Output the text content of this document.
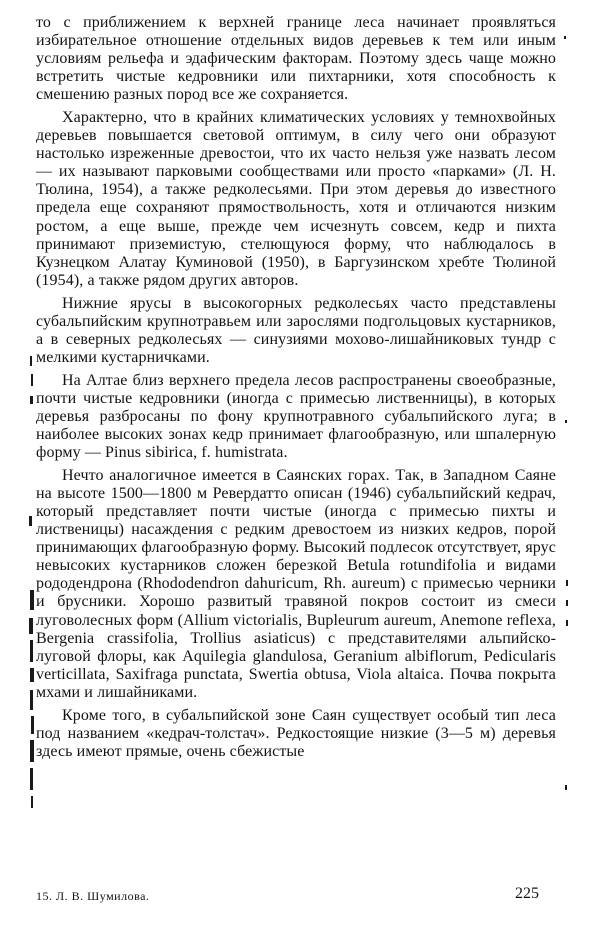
то с приближением к верхней границе леса начинает проявляться избирательное отношение отдельных видов деревьев к тем или иным условиям рельефа и эдафическим факторам. Поэтому здесь чаще можно встретить чистые кедровники или пихтарники, хотя способность к смешению разных пород все же сохраняется.

Характерно, что в крайних климатических условиях у темнохвойных деревьев повышается световой оптимум, в силу чего они образуют настолько изреженные древостои, что их часто нельзя уже назвать лесом — их называют парковыми сообществами или просто «парками» (Л. Н. Тюлина, 1954), а также редколесьями. При этом деревья до известного предела еще сохраняют прямоствольность, хотя и отличаются низким ростом, а еще выше, прежде чем исчезнуть совсем, кедр и пихта принимают приземистую, стелющуюся форму, что наблюдалось в Кузнецком Алатау Куминовой (1950), в Баргузинском хребте Тюлиной (1954), а также рядом других авторов.

Нижние ярусы в высокогорных редколесьях часто представлены субальпийским крупнотравьем или зарослями подгольцовых кустарников, а в северных редколесьях — синузиями мохово-лишайниковых тундр с мелкими кустарничками.

На Алтае близ верхнего предела лесов распространены своеобразные, почти чистые кедровники (иногда с примесью лиственницы), в которых деревья разбросаны по фону крупнотравного субальпийского луга; в наиболее высоких зонах кедр принимает флагообразную, или шпалерную форму — Pinus sibirica, f. humistrata.

Нечто аналогичное имеется в Саянских горах. Так, в Западном Саяне на высоте 1500—1800 м Ревердатто описан (1946) субальпийский кедрач, который представляет почти чистые (иногда с примесью пихты и лиственицы) насаждения с редким древостоем из низких кедров, порой принимающих флагообразную форму. Высокий подлесок отсутствует, ярус невысоких кустарников сложен березкой Betula rotundifolia и видами рододендрона (Rhododendron dahuricum, Rh. aureum) с примесью черники и брусники. Хорошо развитый травяной покров состоит из смеси луговолесных форм (Allium victorialis, Bupleurum aureum, Anemone reflexa, Bergenia crassifolia, Trollius asiaticus) с представителями альпийско-луговой флоры, как Aquilegia glandulosa, Geranium albiflorum, Pedicularis verticillata, Saxifraga punctata, Swertia obtusa, Viola altaica. Почва покрыта мхами и лишайниками.

Кроме того, в субальпийской зоне Саян существует особый тип леса под названием «кедрач-толстач». Редкостоящие низкие (3—5 м) деревья здесь имеют прямые, очень сбежистые

15. Л. В. Шумилова.	225
